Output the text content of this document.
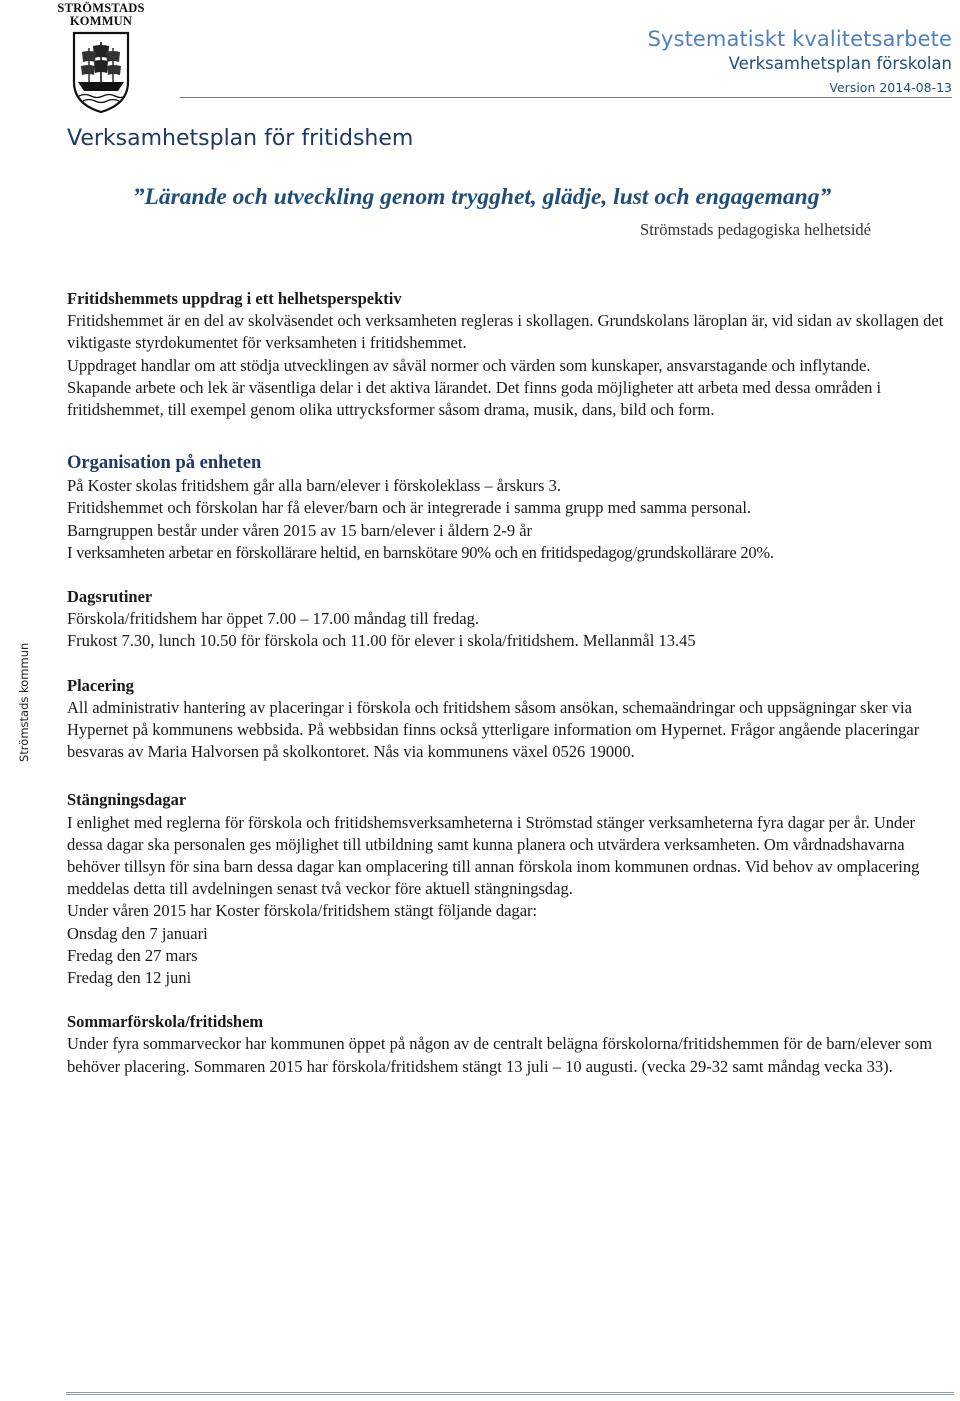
STRÖMSTADS
KOMMUN
Systematiskt kvalitetsarbete
Verksamhetsplan förskolan
Version 2014-08-13
Verksamhetsplan för fritidshem
”Lärande och utveckling genom trygghet, glädje, lust och engagemang”
Strömstads pedagogiska helhetsidé
Strömstads kommun

Fritidshemmets uppdrag i ett helhetsperspektiv

Fritidshemmet är en del av skolväsendet och verksamheten regleras i skollagen. Grundskolans läroplan är, vid sidan av skollagen det viktigaste styrdokumentet för verksamheten i fritidshemmet.

Uppdraget handlar om att stödja utvecklingen av såväl normer och värden som kunskaper, ansvarstagande och inflytande.

Skapande arbete och lek är väsentliga delar i det aktiva lärandet. Det finns goda möjligheter att arbeta med dessa områden i fritidshemmet, till exempel genom olika uttrycksformer såsom drama, musik, dans, bild och form.

Organisation på enheten

På Koster skolas fritidshem går alla barn/elever i förskoleklass – årskurs 3.

Fritidshemmet och förskolan har få elever/barn och är integrerade i samma grupp med samma personal.

Barngruppen består under våren 2015 av 15 barn/elever i åldern 2-9 år

I verksamheten arbetar en förskollärare heltid, en barnskötare 90% och en fritidspedagog/grundskollärare 20%.

Dagsrutiner

Förskola/fritidshem har öppet 7.00 – 17.00 måndag till fredag.

Frukost 7.30, lunch 10.50 för förskola och 11.00 för elever i skola/fritidshem. Mellanmål 13.45

Placering

All administrativ hantering av placeringar i förskola och fritidshem såsom ansökan, schemaändringar och uppsägningar sker via Hypernet på kommunens webbsida. På webbsidan finns också ytterligare information om Hypernet. Frågor angående placeringar besvaras av Maria Halvorsen på skolkontoret. Nås via kommunens växel 0526 19000.

Stängningsdagar

I enlighet med reglerna för förskola och fritidshemsverksamheterna i Strömstad stänger verksamheterna fyra dagar per år. Under dessa dagar ska personalen ges möjlighet till utbildning samt kunna planera och utvärdera verksamheten. Om vårdnadshavarna behöver tillsyn för sina barn dessa dagar kan omplacering till annan förskola inom kommunen ordnas. Vid behov av omplacering meddelas detta till avdelningen senast två veckor före aktuell stängningsdag.

Under våren 2015 har Koster förskola/fritidshem stängt följande dagar:

Onsdag den 7 januari

Fredag den 27 mars

Fredag den 12 juni

Sommarförskola/fritidshem

Under fyra sommarveckor har kommunen öppet på någon av de centralt belägna förskolorna/fritidshemmen för de barn/elever som behöver placering. Sommaren 2015 har förskola/fritidshem stängt 13 juli – 10 augusti. (vecka 29-32 samt måndag vecka 33).
